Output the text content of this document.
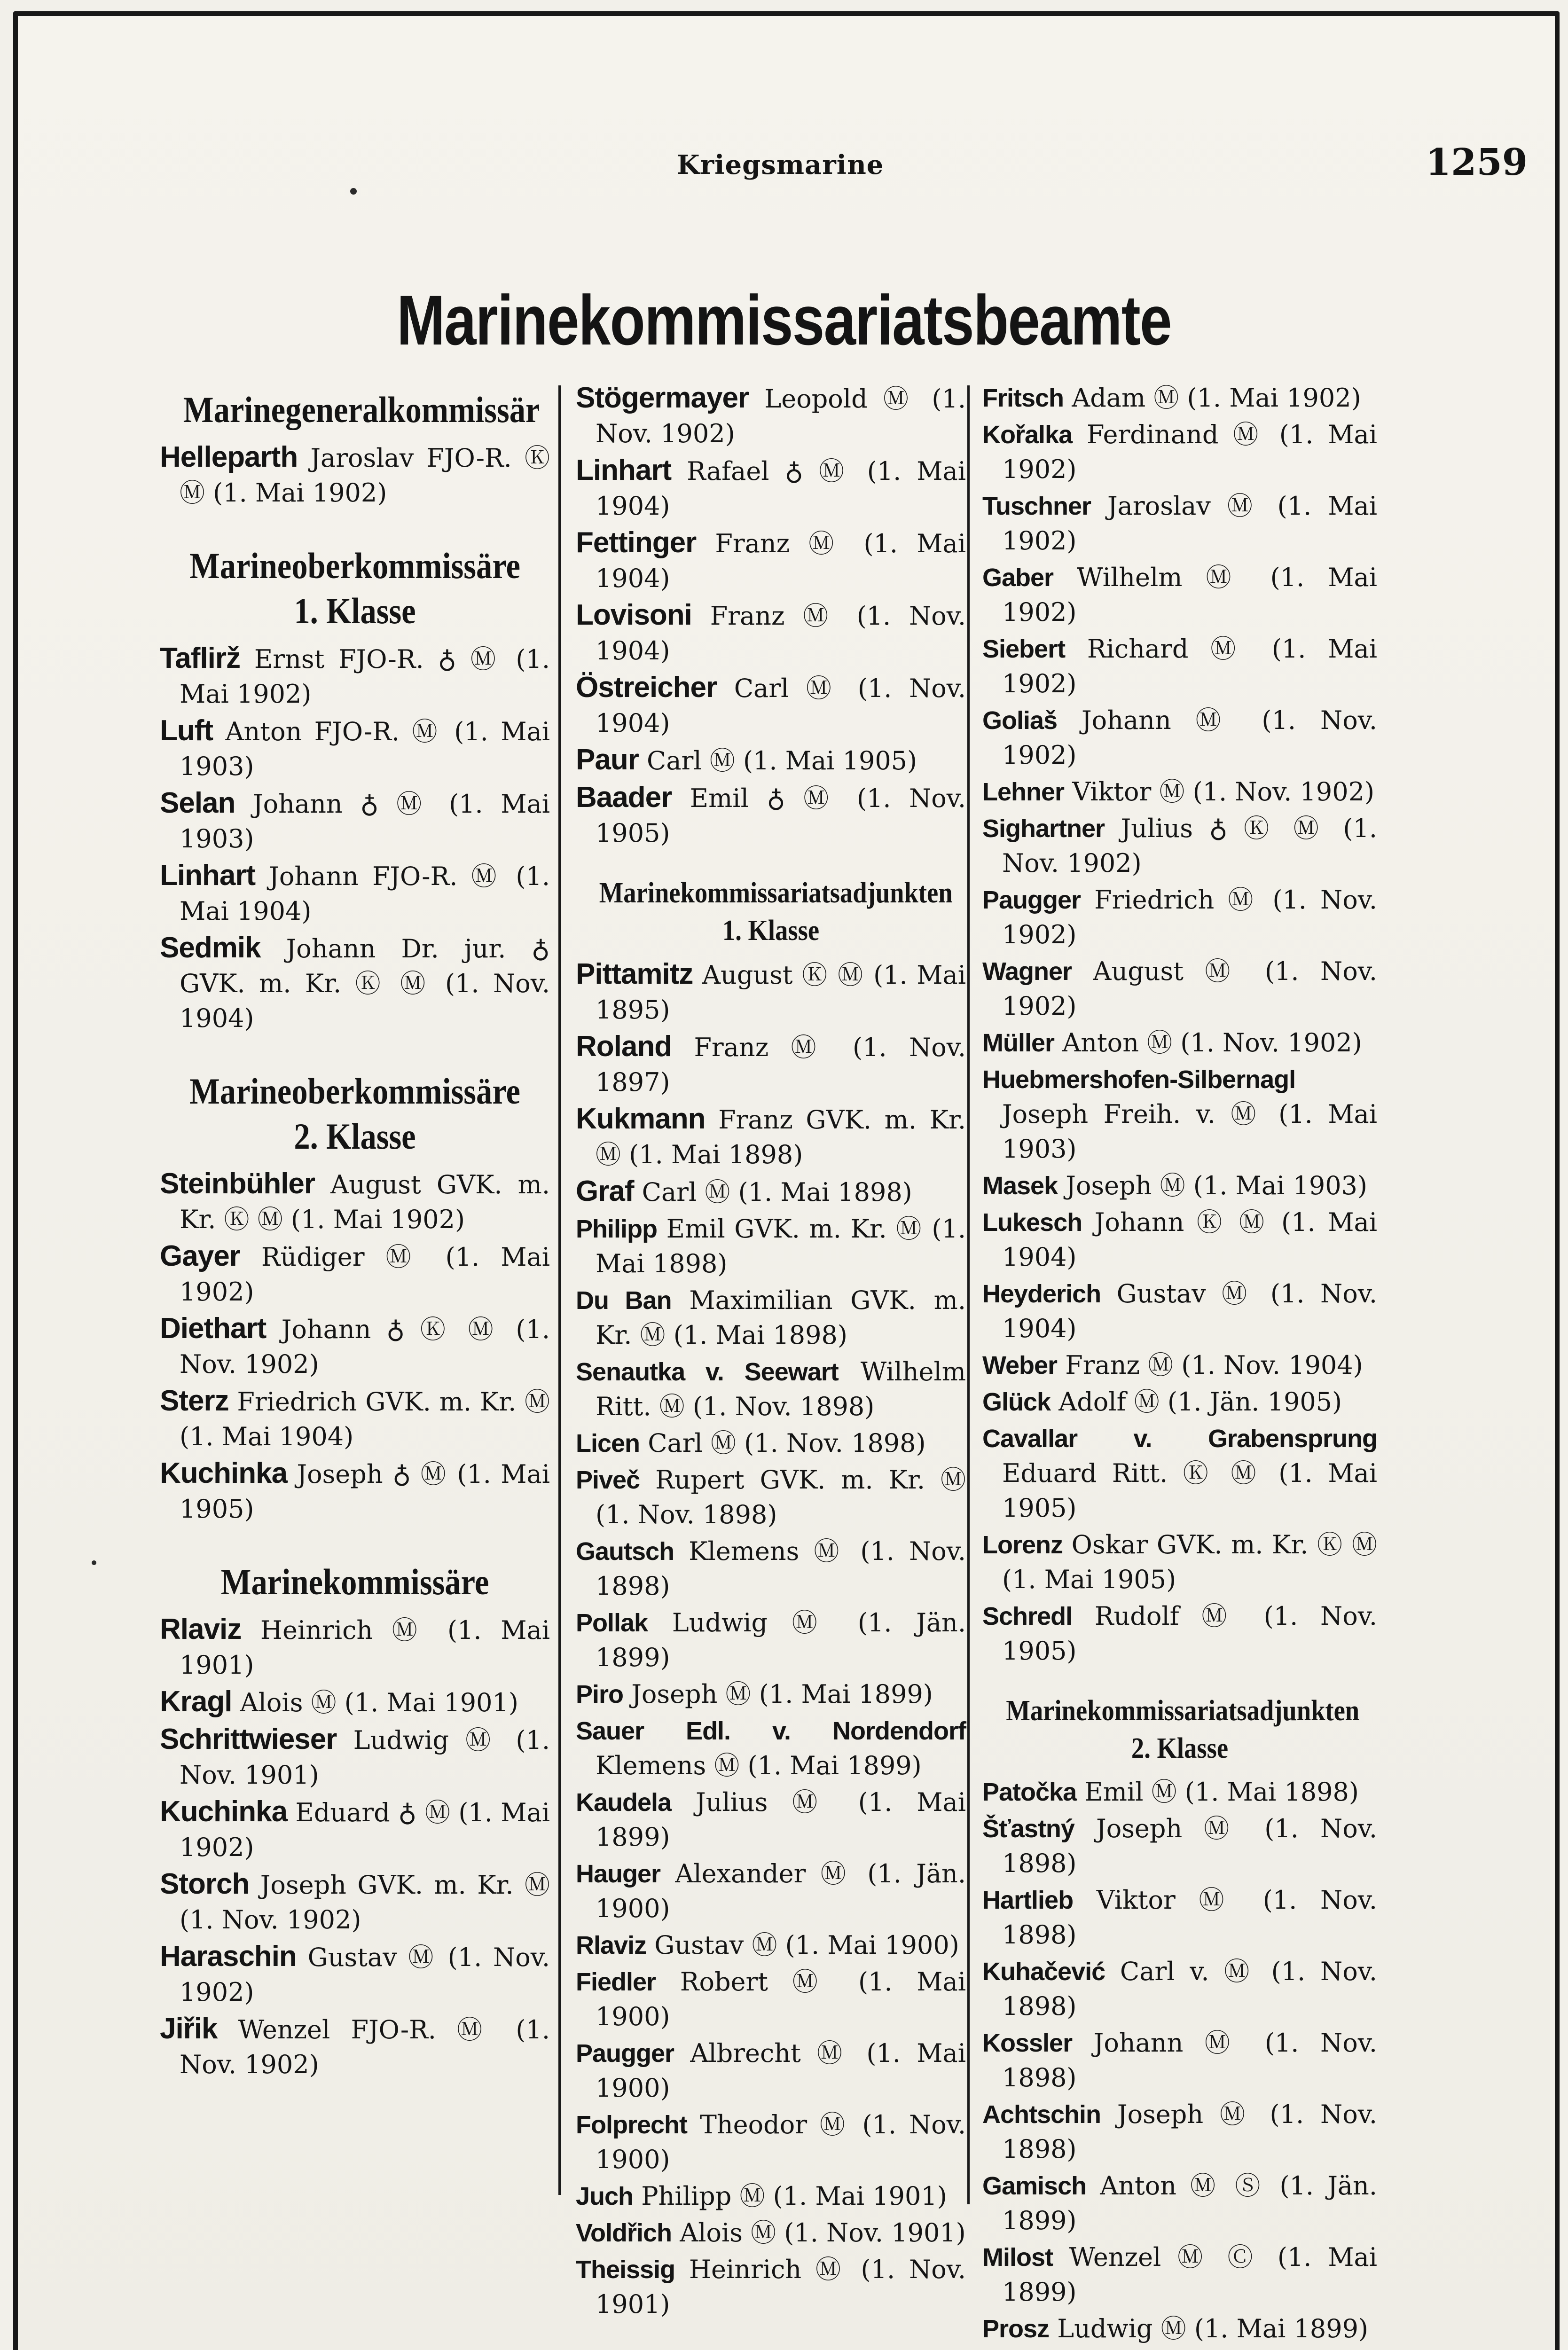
Kriegsmarine	1259
Marinekommissariatsbeamte
Marinegeneralkommissär
Helleparth Jaroslav FJO-R. Ⓚ Ⓜ (1. Mai 1902)
Marineoberkommissäre 1. Klasse
Taflirž Ernst FJO-R. ♁ Ⓜ (1. Mai 1902)
Luft Anton FJO-R. Ⓜ (1. Mai 1903)
Selan Johann ♁ Ⓜ (1. Mai 1903)
Linhart Johann FJO-R. Ⓜ (1. Mai 1904)
Sedmik Johann Dr. jur. ♁ GVK. m. Kr. Ⓚ Ⓜ (1. Nov. 1904)
Marineoberkommissäre 2. Klasse
Steinbühler August GVK. m. Kr. Ⓚ Ⓜ (1. Mai 1902)
Gayer Rüdiger Ⓜ (1. Mai 1902)
Diethart Johann ♁ Ⓚ Ⓜ (1. Nov. 1902)
Sterz Friedrich GVK. m. Kr. Ⓜ (1. Mai 1904)
Kuchinka Joseph ♁ Ⓜ (1. Mai 1905)
Marinekommissäre
Rlaviz Heinrich Ⓜ (1. Mai 1901)
Kragl Alois Ⓜ (1. Mai 1901)
Schrittwieser Ludwig Ⓜ (1. Nov. 1901)
Kuchinka Eduard ♁ Ⓜ (1. Mai 1902)
Storch Joseph GVK. m. Kr. Ⓜ (1. Nov. 1902)
Haraschin Gustav Ⓜ (1. Nov. 1902)
Jiřik Wenzel FJO-R. Ⓜ (1. Nov. 1902)
Stögermayer Leopold Ⓜ (1. Nov. 1902)
Linhart Rafael ♁ Ⓜ (1. Mai 1904)
Fettinger Franz Ⓜ (1. Mai 1904)
Lovisoni Franz Ⓜ (1. Nov. 1904)
Östreicher Carl Ⓜ (1. Nov. 1904)
Paur Carl Ⓜ (1. Mai 1905)
Baader Emil ♁ Ⓜ (1. Nov. 1905)
Marinekommissariatsadjunkten 1. Klasse
Pittamitz August Ⓚ Ⓜ (1. Mai 1895)
Roland Franz Ⓜ (1. Nov. 1897)
Kukmann Franz GVK. m. Kr. Ⓜ (1. Mai 1898)
Graf Carl Ⓜ (1. Mai 1898)
Philipp Emil GVK. m. Kr. Ⓜ (1. Mai 1898)
Du Ban Maximilian GVK. m. Kr. Ⓜ (1. Mai 1898)
Senautka v. Seewart Wilhelm Ritt. Ⓜ (1. Nov. 1898)
Licen Carl Ⓜ (1. Nov. 1898)
Piveč Rupert GVK. m. Kr. Ⓜ (1. Nov. 1898)
Gautsch Klemens Ⓜ (1. Nov. 1898)
Pollak Ludwig Ⓜ (1. Jän. 1899)
Piro Joseph Ⓜ (1. Mai 1899)
Sauer Edl. v. Nordendorf Klemens Ⓜ (1. Mai 1899)
Kaudela Julius Ⓜ (1. Mai 1899)
Hauger Alexander Ⓜ (1. Jän. 1900)
Rlaviz Gustav Ⓜ (1. Mai 1900)
Fiedler Robert Ⓜ (1. Mai 1900)
Paugger Albrecht Ⓜ (1. Mai 1900)
Folprecht Theodor Ⓜ (1. Nov. 1900)
Juch Philipp Ⓜ (1. Mai 1901)
Voldřich Alois Ⓜ (1. Nov. 1901)
Theissig Heinrich Ⓜ (1. Nov. 1901)
Fritsch Adam Ⓜ (1. Mai 1902)
Kořalka Ferdinand Ⓜ (1. Mai 1902)
Tuschner Jaroslav Ⓜ (1. Mai 1902)
Gaber Wilhelm Ⓜ (1. Mai 1902)
Siebert Richard Ⓜ (1. Mai 1902)
Goliaš Johann Ⓜ (1. Nov. 1902)
Lehner Viktor Ⓜ (1. Nov. 1902)
Sighartner Julius ♁ Ⓚ Ⓜ (1. Nov. 1902)
Paugger Friedrich Ⓜ (1. Nov. 1902)
Wagner August Ⓜ (1. Nov. 1902)
Müller Anton Ⓜ (1. Nov. 1902)
Huebmershofen-Silbernagl Joseph Freih. v. Ⓜ (1. Mai 1903)
Masek Joseph Ⓜ (1. Mai 1903)
Lukesch Johann Ⓚ Ⓜ (1. Mai 1904)
Heyderich Gustav Ⓜ (1. Nov. 1904)
Weber Franz Ⓜ (1. Nov. 1904)
Glück Adolf Ⓜ (1. Jän. 1905)
Cavallar v. Grabensprung Eduard Ritt. Ⓚ Ⓜ (1. Mai 1905)
Lorenz Oskar GVK. m. Kr. Ⓚ Ⓜ (1. Mai 1905)
Schredl Rudolf Ⓜ (1. Nov. 1905)
Marinekommissariatsadjunkten 2. Klasse
Patočka Emil Ⓜ (1. Mai 1898)
Šťastný Joseph Ⓜ (1. Nov. 1898)
Hartlieb Viktor Ⓜ (1. Nov. 1898)
Kuhačević Carl v. Ⓜ (1. Nov. 1898)
Kossler Johann Ⓜ (1. Nov. 1898)
Achtschin Joseph Ⓜ (1. Nov. 1898)
Gamisch Anton Ⓜ Ⓢ (1. Jän. 1899)
Milost Wenzel Ⓜ Ⓒ (1. Mai 1899)
Prosz Ludwig Ⓜ (1. Mai 1899)
